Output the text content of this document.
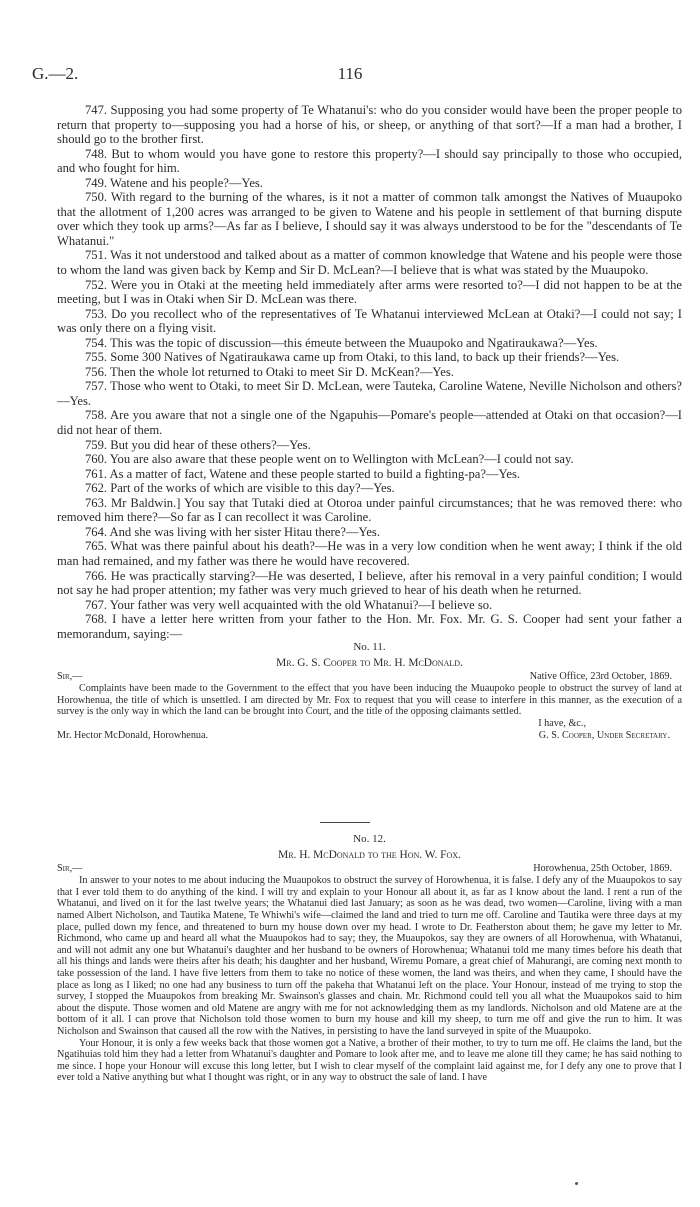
G.—2.	116

747. Supposing you had some property of Te Whatanui's: who do you consider would have been the proper people to return that property to—supposing you had a horse of his, or sheep, or anything of that sort?—If a man had a brother, I should go to the brother first.

748. But to whom would you have gone to restore this property?—I should say principally to those who occupied, and who fought for him.

749. Watene and his people?—Yes.

750. With regard to the burning of the whares, is it not a matter of common talk amongst the Natives of Muaupoko that the allotment of 1,200 acres was arranged to be given to Watene and his people in settlement of that burning dispute over which they took up arms?—As far as I believe, I should say it was always understood to be for the "descendants of Te Whatanui."

751. Was it not understood and talked about as a matter of common knowledge that Watene and his people were those to whom the land was given back by Kemp and Sir D. McLean?—I believe that is what was stated by the Muaupoko.

752. Were you in Otaki at the meeting held immediately after arms were resorted to?—I did not happen to be at the meeting, but I was in Otaki when Sir D. McLean was there.

753. Do you recollect who of the representatives of Te Whatanui interviewed McLean at Otaki?—I could not say; I was only there on a flying visit.

754. This was the topic of discussion—this émeute between the Muaupoko and Ngatiraukawa?—Yes.

755. Some 300 Natives of Ngatiraukawa came up from Otaki, to this land, to back up their friends?—Yes.

756. Then the whole lot returned to Otaki to meet Sir D. McKean?—Yes.

757. Those who went to Otaki, to meet Sir D. McLean, were Tauteka, Caroline Watene, Neville Nicholson and others?—Yes.

758. Are you aware that not a single one of the Ngapuhis—Pomare's people—attended at Otaki on that occasion?—I did not hear of them.

759. But you did hear of these others?—Yes.

760. You are also aware that these people went on to Wellington with McLean?—I could not say.

761. As a matter of fact, Watene and these people started to build a fighting-pa?—Yes.

762. Part of the works of which are visible to this day?—Yes.

763. Mr Baldwin.] You say that Tutaki died at Otoroa under painful circumstances; that he was removed there: who removed him there?—So far as I can recollect it was Caroline.

764. And she was living with her sister Hitau there?—Yes.

765. What was there painful about his death?—He was in a very low condition when he went away; I think if the old man had remained, and my father was there he would have recovered.

766. He was practically starving?—He was deserted, I believe, after his removal in a very painful condition; I would not say he had proper attention; my father was very much grieved to hear of his death when he returned.

767. Your father was very well acquainted with the old Whatanui?—I believe so.

768. I have a letter here written from your father to the Hon. Mr. Fox. Mr. G. S. Cooper had sent your father a memorandum, saying:—

No. 11.
Mr. G. S. Cooper to Mr. H. McDonald.
Sir,—	Native Office, 23rd October, 1869.

Complaints have been made to the Government to the effect that you have been inducing the Muaupoko people to obstruct the survey of land at Horowhenua, the title of which is unsettled. I am directed by Mr. Fox to request that you will cease to interfere in this manner, as the execution of a survey is the only way in which the land can be brought into Court, and the title of the opposing claimants settled.

I have, &c.,
Mr. Hector McDonald, Horowhenua.	G. S. Cooper, Under Secretary.
No. 12.
Mr. H. McDonald to the Hon. W. Fox.
Sir,—	Horowhenua, 25th October, 1869.

In answer to your notes to me about inducing the Muaupokos to obstruct the survey of Horowhenua, it is false. I defy any of the Muaupokos to say that I ever told them to do anything of the kind. I will try and explain to your Honour all about it, as far as I know about the land. I rent a run of the Whatanui, and lived on it for the last twelve years; the Whatanui died last January; as soon as he was dead, two women—Caroline, living with a man named Albert Nicholson, and Tautika Matene, Te Whiwhi's wife—claimed the land and tried to turn me off. Caroline and Tautika were three days at my place, pulled down my fence, and threatened to burn my house down over my head. I wrote to Dr. Featherston about them; he gave my letter to Mr. Richmond, who came up and heard all what the Muaupokos had to say; they, the Muaupokos, say they are owners of all Horowhenua, with Whatanui, and will not admit any one but Whatanui's daughter and her husband to be owners of Horowhenua; Whatanui told me many times before his death that all his things and lands were theirs after his death; his daughter and her husband, Wiremu Pomare, a great chief of Mahurangi, are coming next month to take possession of the land. I have five letters from them to take no notice of these women, the land was theirs, and when they came, I should have the place as long as I liked; no one had any business to turn off the pakeha that Whatanui left on the place. Your Honour, instead of me trying to stop the survey, I stopped the Muaupokos from breaking Mr. Swainson's glasses and chain. Mr. Richmond could tell you all what the Muaupokos said to him about the dispute. Those women and old Matene are angry with me for not acknowledging them as my landlords. Nicholson and old Matene are at the bottom of it all. I can prove that Nicholson told those women to burn my house and kill my sheep, to turn me off and give the run to him. It was Nicholson and Swainson that caused all the row with the Natives, in persisting to have the land surveyed in spite of the Muaupoko.

Your Honour, it is only a few weeks back that those women got a Native, a brother of their mother, to try to turn me off. He claims the land, but the Ngatihuias told him they had a letter from Whatanui's daughter and Pomare to look after me, and to leave me alone till they came; he has said nothing to me since. I hope your Honour will excuse this long letter, but I wish to clear myself of the complaint laid against me, for I defy any one to prove that I ever told a Native anything but what I thought was right, or in any way to obstruct the sale of land. I have
